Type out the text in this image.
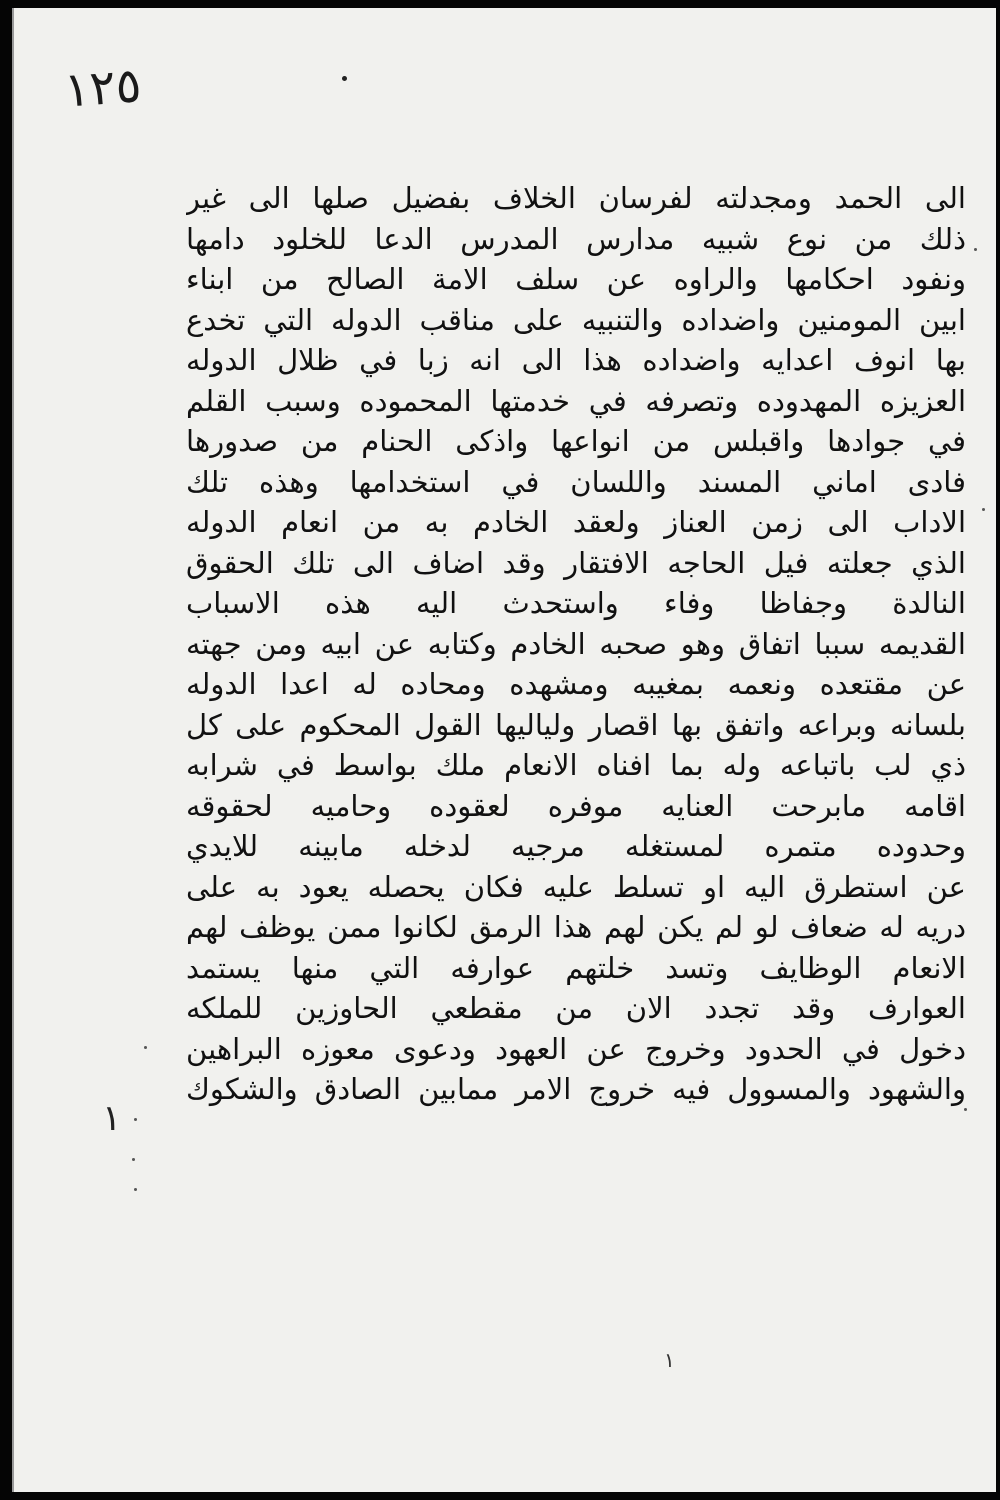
١٢٥
١
الى الحمد ومجدلته لفرسان الخلاف بفضيل صلها الى غير
ذلك من نوع شبيه مدارس المدرس الدعا للخلود دامها
ونفود احكامها والراوه عن سلف الامة الصالح من ابناء
ابين المومنين واضداده والتنبيه على مناقب الدوله التي تخدع
بها انوف اعدايه واضداده هذا الى انه زبا في ظلال الدوله
العزيزه المهدوده وتصرفه في خدمتها المحموده وسبب القلم
في جوادها واقبلس من انواعها واذكى الحنام من صدورها
فادى اماني المسند واللسان في استخدامها وهذه تلك
الاداب الى زمن العناز ولعقد الخادم به من انعام الدوله
الذي جعلته فيل الحاجه الافتقار وقد اضاف الى تلك الحقوق
النالدة وجفاظا وفاء واستحدث اليه هذه الاسباب
القديمه سببا اتفاق وهو صحبه الخادم وكتابه عن ابيه ومن جهته
عن مقتعده ونعمه بمغيبه ومشهده ومحاده له اعدا الدوله
بلسانه وبراعه واتفق بها اقصار ولياليها القول المحكوم على كل
ذي لب باتباعه وله بما افناه الانعام ملك بواسط في شرابه
اقامه مابرحت العنايه موفره لعقوده وحاميه لحقوقه
وحدوده متمره لمستغله مرجيه لدخله مابينه للايدي
عن استطرق اليه او تسلط عليه فكان يحصله يعود به على
دريه له ضعاف لو لم يكن لهم هذا الرمق لكانوا ممن يوظف لهم
الانعام الوظايف وتسد خلتهم عوارفه التي منها يستمد
العوارف وقد تجدد الان من مقطعي الحاوزين للملكه
دخول في الحدود وخروج عن العهود ودعوى معوزه البراهين
والشهود والمسوول فيه خروج الامر ممابين الصادق والشكوك
١
